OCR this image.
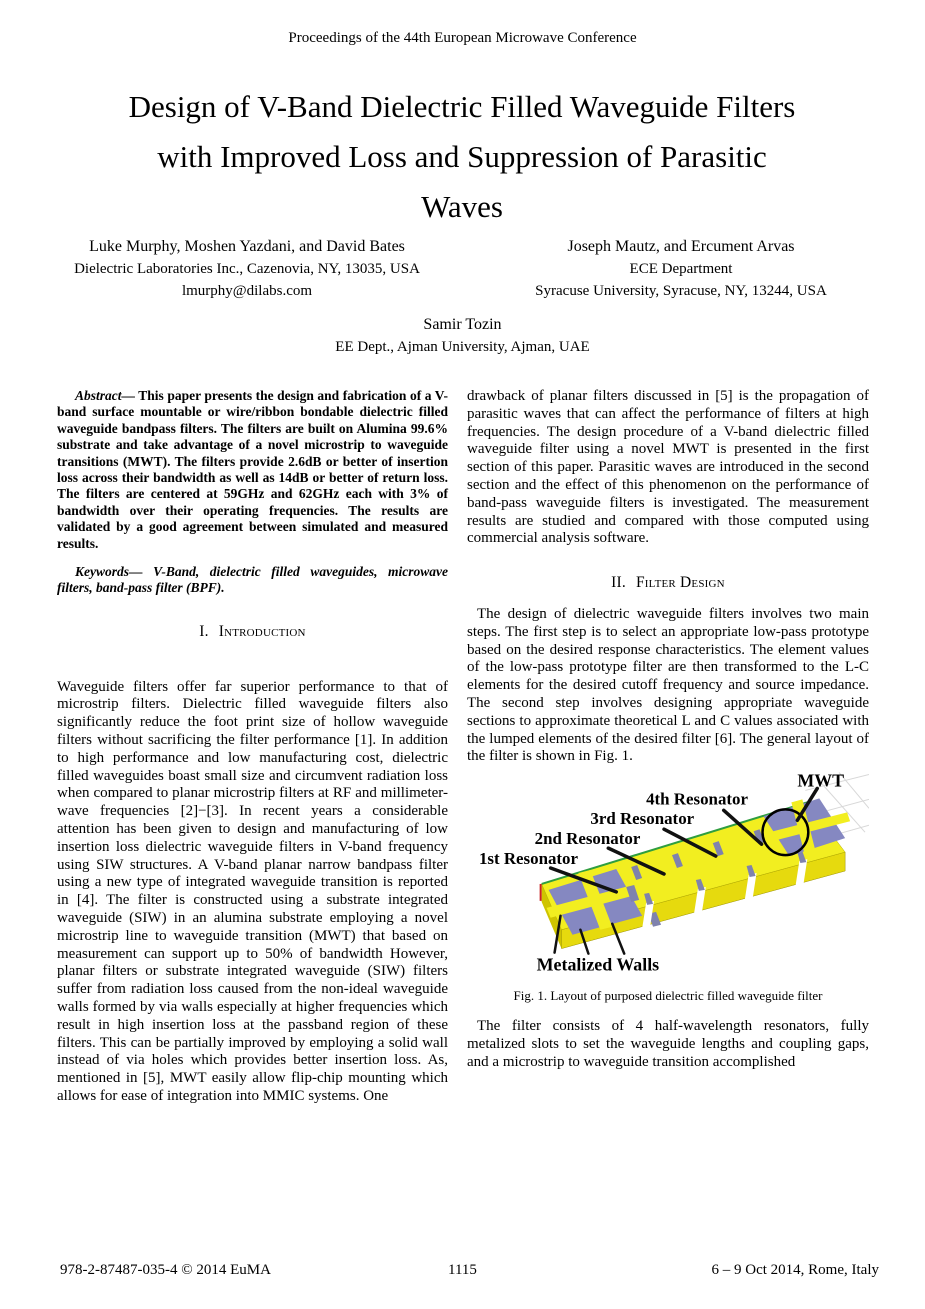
Proceedings of the 44th European Microwave Conference
Design of V-Band Dielectric Filled Waveguide Filters
with Improved Loss and Suppression of Parasitic
Waves
Luke Murphy, Moshen Yazdani, and David Bates
Dielectric Laboratories Inc., Cazenovia, NY, 13035, USA
lmurphy@dilabs.com
Joseph Mautz, and Ercument Arvas
ECE Department
Syracuse University, Syracuse, NY, 13244, USA
Samir Tozin
EE Dept., Ajman University, Ajman, UAE

Abstract— This paper presents the design and fabrication of a V-band surface mountable or wire/ribbon bondable dielectric filled waveguide bandpass filters. The filters are built on Alumina 99.6% substrate and take advantage of a novel microstrip to waveguide transitions (MWT). The filters provide 2.6dB or better of insertion loss across their bandwidth as well as 14dB or better of return loss. The filters are centered at 59GHz and 62GHz each with 3% of bandwidth over their operating frequencies. The results are validated by a good agreement between simulated and measured results.

Keywords— V-Band, dielectric filled waveguides, microwave filters, band-pass filter (BPF).

I. Introduction

Waveguide filters offer far superior performance to that of microstrip filters. Dielectric filled waveguide filters also significantly reduce the foot print size of hollow waveguide filters without sacrificing the filter performance [1]. In addition to high performance and low manufacturing cost, dielectric filled waveguides boast small size and circumvent radiation loss when compared to planar microstrip filters at RF and millimeter-wave frequencies [2]−[3]. In recent years a considerable attention has been given to design and manufacturing of low insertion loss dielectric waveguide filters in V-band frequency using SIW structures. A V-band planar narrow bandpass filter using a new type of integrated waveguide transition is reported in [4]. The filter is constructed using a substrate integrated waveguide (SIW) in an alumina substrate employing a novel microstrip line to waveguide transition (MWT) that based on measurement can support up to 50% of bandwidth However, planar filters or substrate integrated waveguide (SIW) filters suffer from radiation loss caused from the non-ideal waveguide walls formed by via walls especially at higher frequencies which result in high insertion loss at the passband region of these filters. This can be partially improved by employing a solid wall instead of via holes which provides better insertion loss. As, mentioned in [5], MWT easily allow flip-chip mounting which allows for ease of integration into MMIC systems. One

drawback of planar filters discussed in [5] is the propagation of parasitic waves that can affect the performance of filters at high frequencies. The design procedure of a V-band dielectric filled waveguide filter using a novel MWT is presented in the first section of this paper. Parasitic waves are introduced in the second section and the effect of this phenomenon on the performance of band-pass waveguide filters is investigated. The measurement results are studied and compared with those computed using commercial analysis software.

II. Filter Design

The design of dielectric waveguide filters involves two main steps. The first step is to select an appropriate low-pass prototype based on the desired response characteristics. The element values of the low-pass prototype filter are then transformed to the L-C elements for the desired cutoff frequency and source impedance. The second step involves designing appropriate waveguide sections to approximate theoretical L and C values associated with the lumped elements of the desired filter [6]. The general layout of the filter is shown in Fig. 1.

1st Resonator
2nd Resonator
3rd Resonator
4th Resonator
MWT
Metalized Walls
Fig. 1. Layout of purposed dielectric filled waveguide filter

The filter consists of 4 half-wavelength resonators, fully metalized slots to set the waveguide lengths and coupling gaps, and a microstrip to waveguide transition accomplished

1115
978-2-87487-035-4 © 2014 EuMA	6 – 9 Oct 2014, Rome, Italy
